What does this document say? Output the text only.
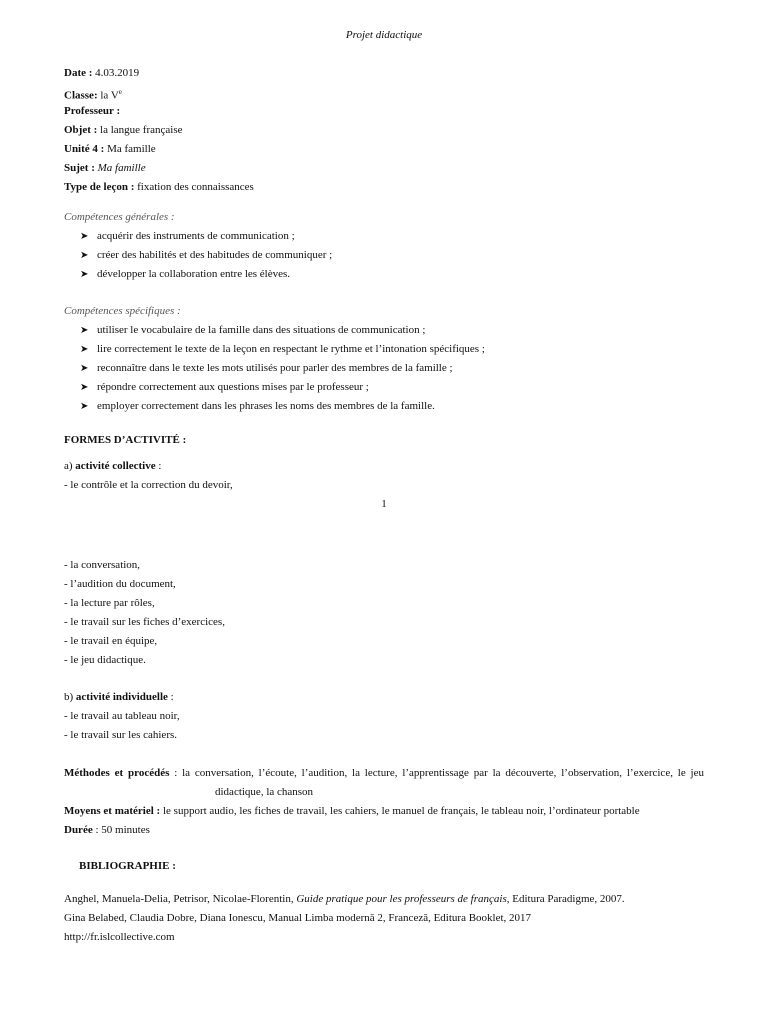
Projet didactique
Date : 4.03.2019
Classe: la Ve
Professeur :
Objet : la langue française
Unité 4 : Ma famille
Sujet : Ma famille
Type de leçon : fixation des connaissances
Compétences générales :
➤ acquérir des instruments de communication ;
➤ créer des habilités et des habitudes de communiquer ;
➤ développer la collaboration entre les élèves.
Compétences spécifiques :
➤ utiliser le vocabulaire de la famille dans des situations de communication ;
➤ lire correctement le texte de la leçon en respectant le rythme et l’intonation spécifiques ;
➤ reconnaître dans le texte les mots utilisés pour parler des membres de la famille ;
➤ répondre correctement aux questions mises par le professeur ;
➤ employer correctement dans les phrases les noms des membres de la famille.
FORMES D’ACTIVITÉ :
a) activité collective :
- le contrôle et la correction du devoir,
1
- la conversation,
- l’audition du document,
- la lecture par rôles,
- le travail sur les fiches d’exercices,
- le travail en équipe,
- le jeu didactique.
b) activité individuelle :
- le travail au tableau noir,
- le travail sur les cahiers.
Méthodes et procédés : la conversation, l’écoute, l’audition, la lecture, l’apprentissage par la découverte, l’observation, l’exercice, le jeu
didactique, la chanson
Moyens et matériel : le support audio, les fiches de travail, les cahiers, le manuel de français, le tableau noir, l’ordinateur portable
Durée : 50 minutes
BIBLIOGRAPHIE :
Anghel, Manuela-Delia, Petrisor, Nicolae-Florentin, Guide pratique pour les professeurs de français, Editura Paradigme, 2007.
Gina Belabed, Claudia Dobre, Diana Ionescu, Manual Limba modernă 2, Franceză, Editura Booklet, 2017
http://fr.islcollective.com
